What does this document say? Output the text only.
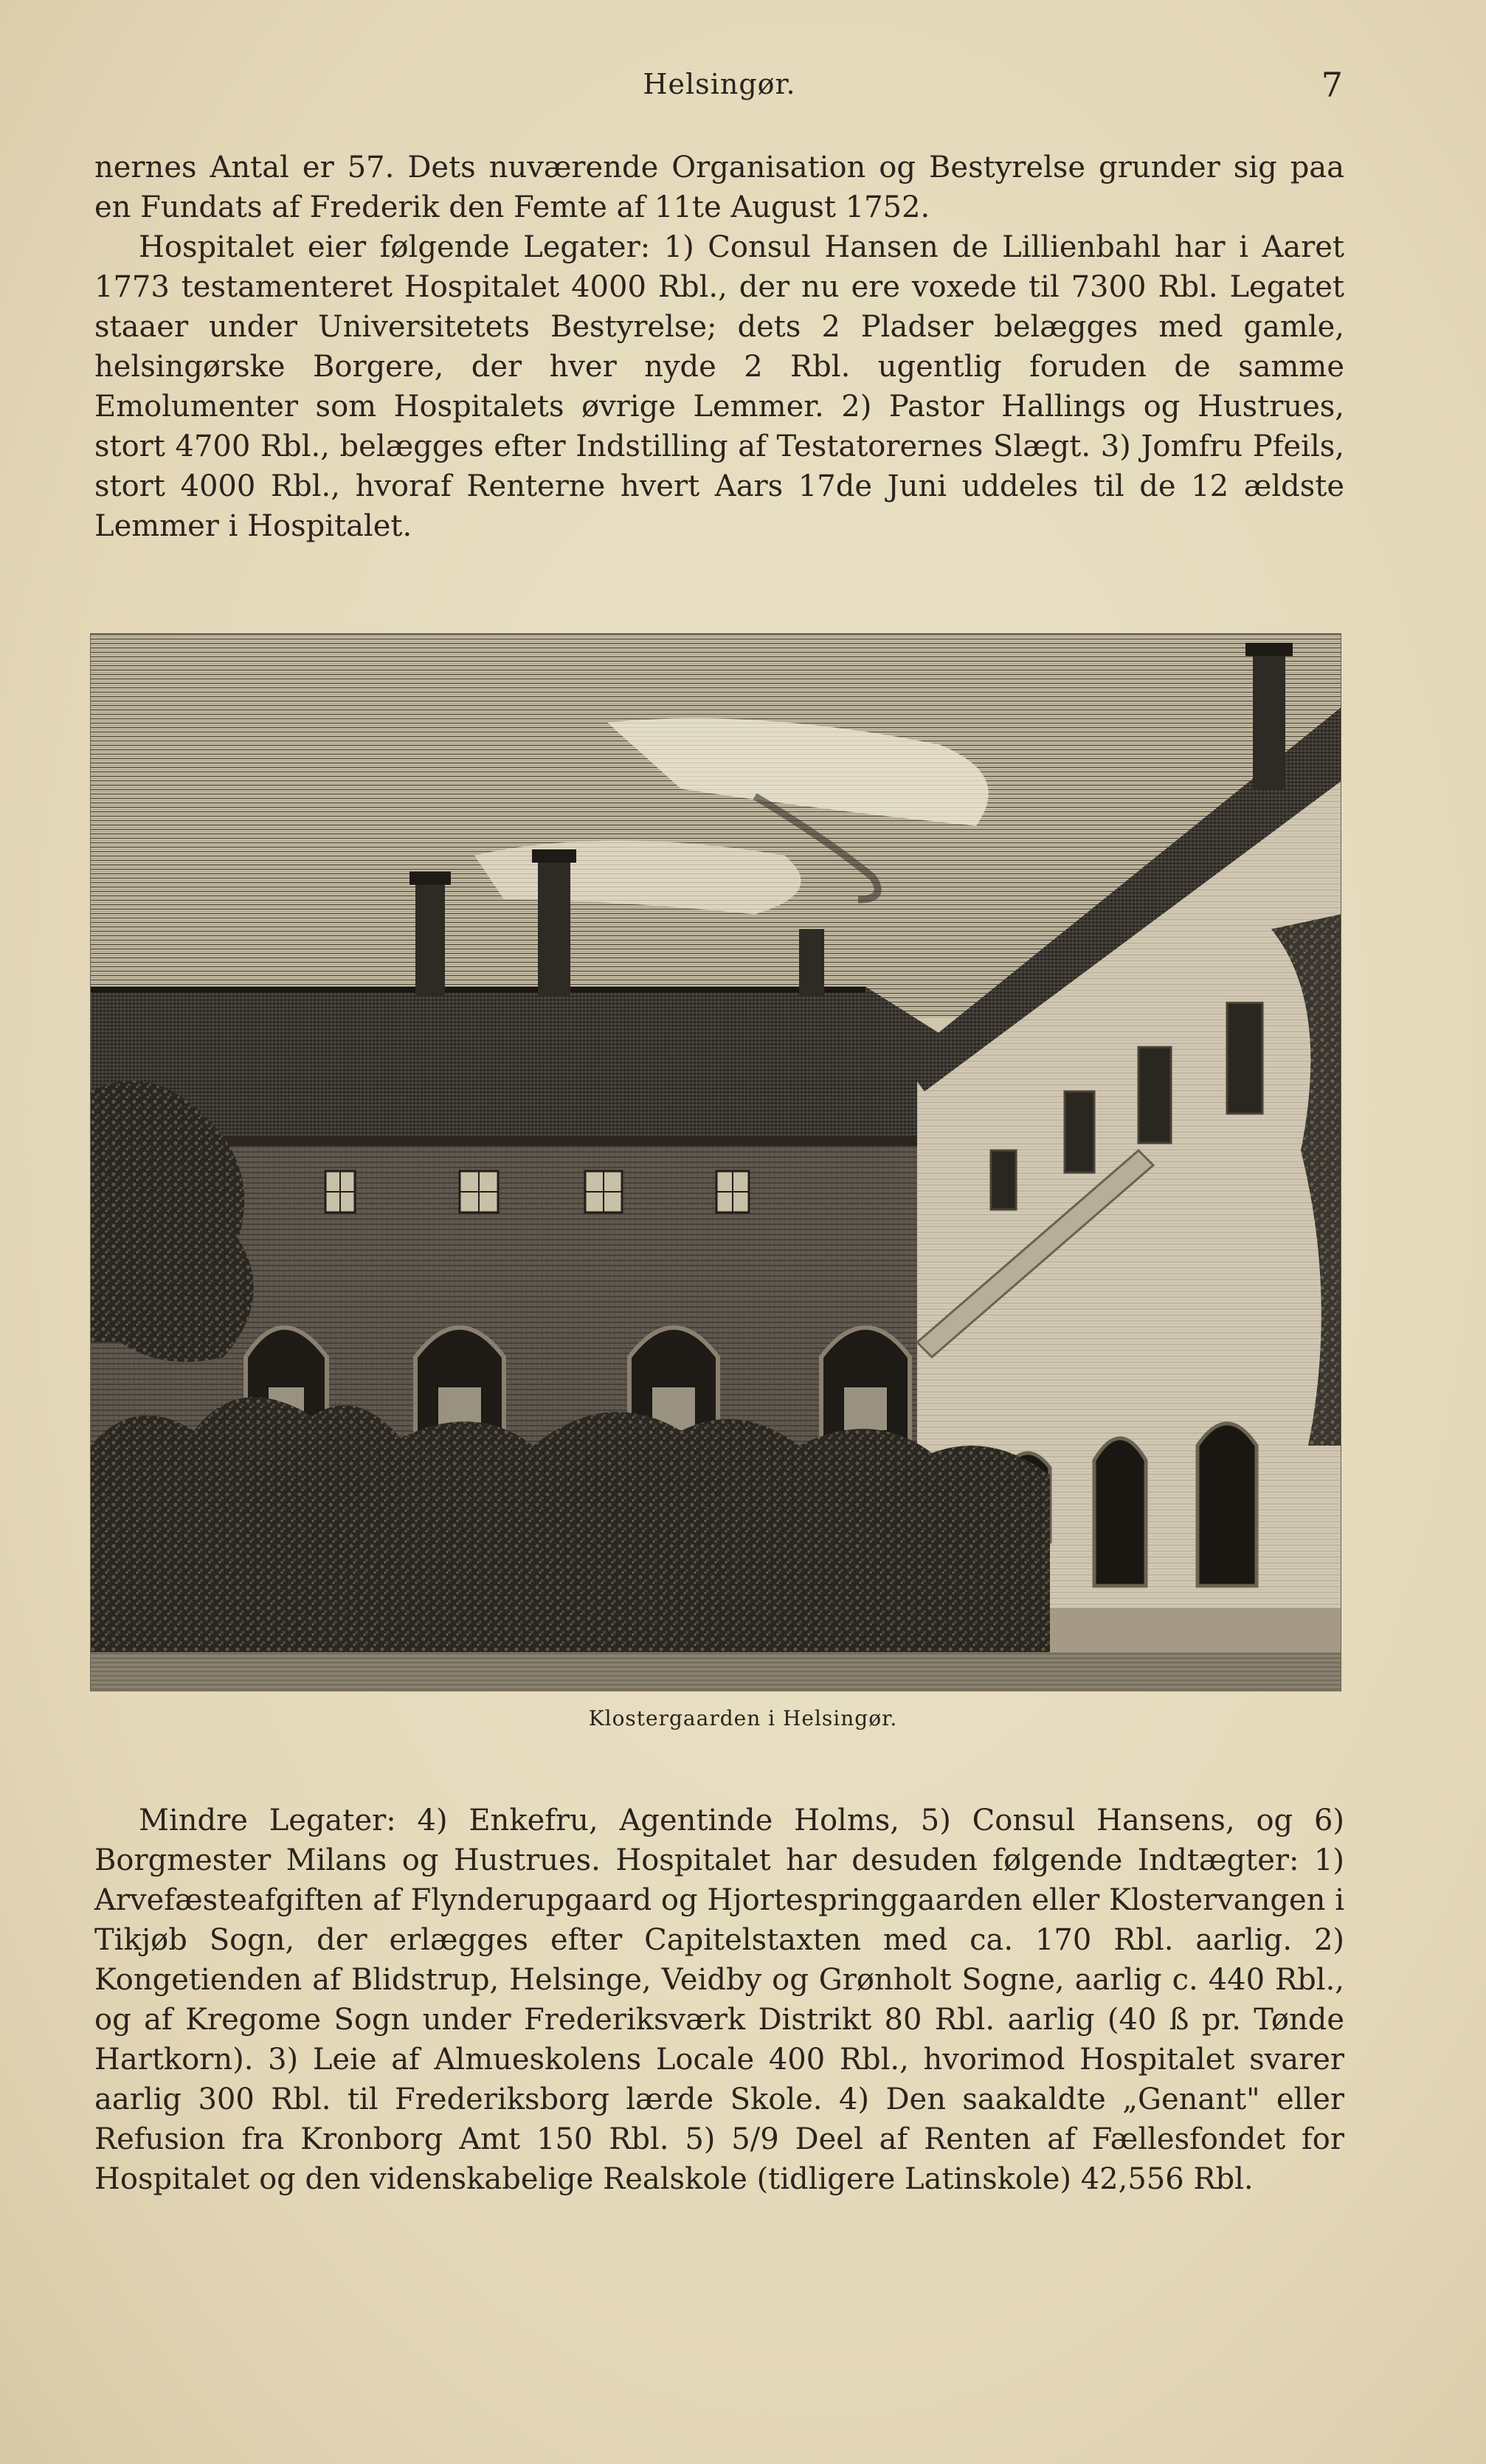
Helsingør.	7

nernes Antal er 57. Dets nuværende Organisation og Bestyrelse grunder sig paa en Fundats af Frederik den Femte af 11te August 1752.

Hospitalet eier følgende Legater: 1) Consul Hansen de Lillienbahl har i Aaret 1773 testamenteret Hospitalet 4000 Rbl., der nu ere voxede til 7300 Rbl. Legatet staaer under Universitetets Bestyrelse; dets 2 Pladser belægges med gamle, helsingørske Borgere, der hver nyde 2 Rbl. ugentlig foruden de samme Emolumenter som Hospitalets øvrige Lemmer. 2) Pastor Hallings og Hustrues, stort 4700 Rbl., belægges efter Indstilling af Testatorernes Slægt. 3) Jomfru Pfeils, stort 4000 Rbl., hvoraf Renterne hvert Aars 17de Juni uddeles til de 12 ældste Lemmer i Hospitalet.

Klostergaarden i Helsingør.

Mindre Legater: 4) Enkefru, Agentinde Holms, 5) Consul Hansens, og 6) Borgmester Milans og Hustrues. Hospitalet har desuden følgende Indtægter: 1) Arvefæsteafgiften af Flynderupgaard og Hjortespringgaarden eller Klostervangen i Tikjøb Sogn, der erlægges efter Capitelstaxten med ca. 170 Rbl. aarlig. 2) Kongetienden af Blidstrup, Helsinge, Veidby og Grønholt Sogne, aarlig c. 440 Rbl., og af Kregome Sogn under Frederiksværk Distrikt 80 Rbl. aarlig (40 ß pr. Tønde Hartkorn). 3) Leie af Almueskolens Locale 400 Rbl., hvorimod Hospitalet svarer aarlig 300 Rbl. til Frederiksborg lærde Skole. 4) Den saakaldte „Genant" eller Refusion fra Kronborg Amt 150 Rbl. 5) 5/9 Deel af Renten af Fællesfondet for Hospitalet og den videnskabelige Realskole (tidligere Latinskole) 42,556 Rbl.
